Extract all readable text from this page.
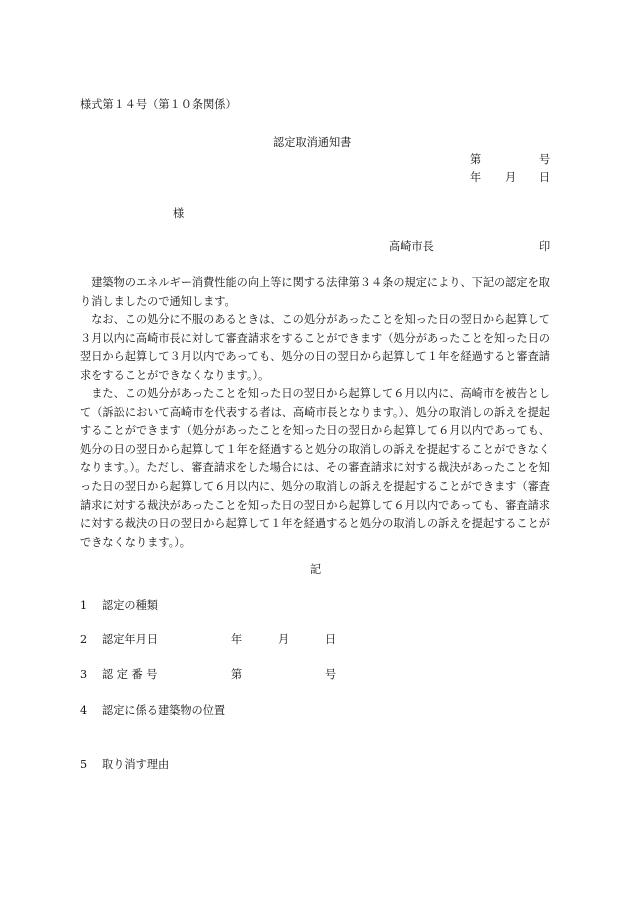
様式第１４号（第１０条関係）
認定取消通知書
第	号
年 月 日
様
高崎市長	印

建築物のエネルギー消費性能の向上等に関する法律第３４条の規定により、下記の認定を取り消しましたので通知します。

なお、この処分に不服のあるときは、この処分があったことを知った日の翌日から起算して３月以内に高崎市長に対して審査請求をすることができます（処分があったことを知った日の翌日から起算して３月以内であっても、処分の日の翌日から起算して１年を経過すると審査請求をすることができなくなります。）。

また、この処分があったことを知った日の翌日から起算して６月以内に、高崎市を被告として（訴訟において高崎市を代表する者は、高崎市長となります。）、処分の取消しの訴えを提起することができます（処分があったことを知った日の翌日から起算して６月以内であっても、処分の日の翌日から起算して１年を経過すると処分の取消しの訴えを提起することができなくなります。）。ただし、審査請求をした場合には、その審査請求に対する裁決があったことを知った日の翌日から起算して６月以内に、処分の取消しの訴えを提起することができます（審査請求に対する裁決があったことを知った日の翌日から起算して６月以内であっても、審査請求に対する裁決の日の翌日から起算して１年を経過すると処分の取消しの訴えを提起することができなくなります。）。

記
1 認定の種類
2 認定年月日	年	月	日
3 認 定 番 号	第	号
4 認定に係る建築物の位置
5 取り消す理由
